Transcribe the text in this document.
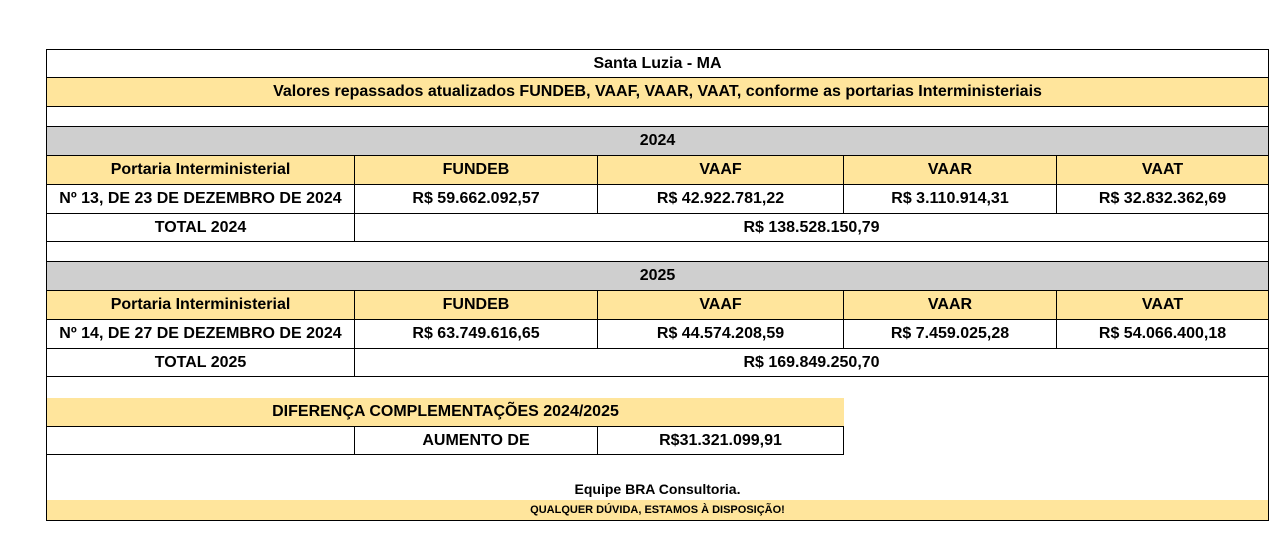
Santa Luzia - MA
Valores repassados atualizados FUNDEB, VAAF, VAAR, VAAT, conforme as portarias Interministeriais
2024
Portaria Interministerial	FUNDEB	VAAF	VAAR	VAAT
Nº 13, DE 23 DE DEZEMBRO DE 2024	R$ 59.662.092,57	R$ 42.922.781,22	R$ 3.110.914,31	R$ 32.832.362,69
TOTAL 2024	R$ 138.528.150,79
2025
Portaria Interministerial	FUNDEB	VAAF	VAAR	VAAT
Nº 14, DE 27 DE DEZEMBRO DE 2024	R$ 63.749.616,65	R$ 44.574.208,59	R$ 7.459.025,28	R$ 54.066.400,18
TOTAL 2025	R$ 169.849.250,70
DIFERENÇA COMPLEMENTAÇÕES 2024/2025
AUMENTO DE	R$31.321.099,91
Equipe BRA Consultoria.
QUALQUER DÚVIDA, ESTAMOS À DISPOSIÇÃO!
